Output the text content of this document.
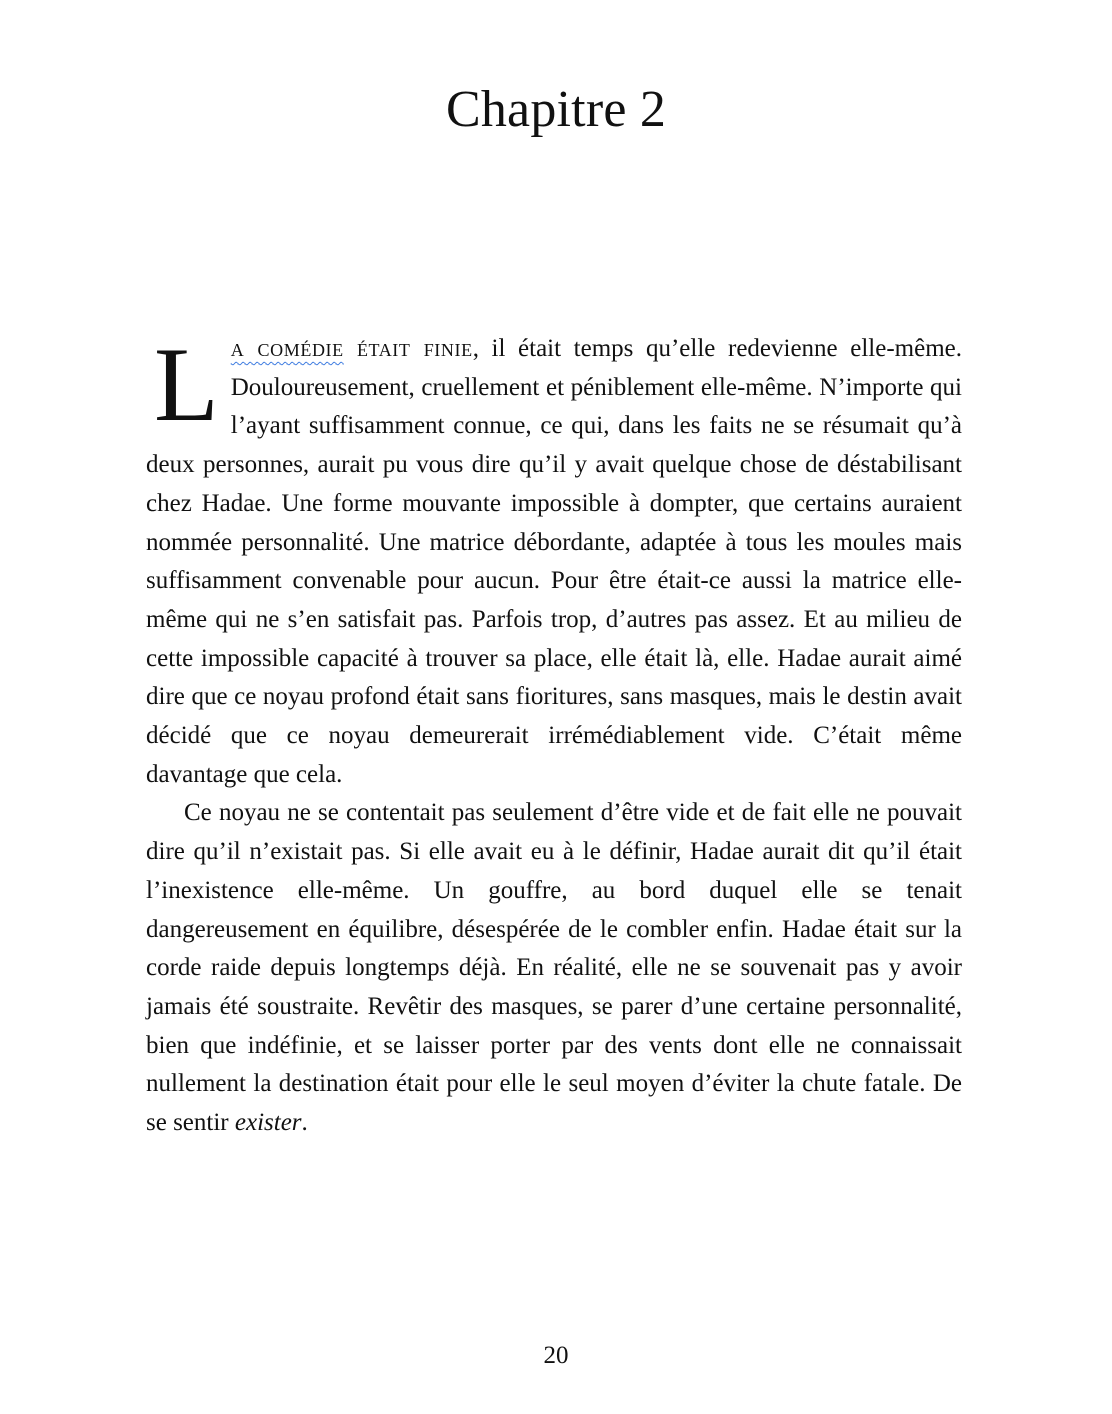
Chapitre 2

La comédie était finie, il était temps qu’elle redevienne elle-même. Douloureusement, cruellement et péniblement elle-même. N’importe qui l’ayant suffisamment connue, ce qui, dans les faits ne se résumait qu’à deux personnes, aurait pu vous dire qu’il y avait quelque chose de déstabilisant chez Hadae. Une forme mouvante impossible à dompter, que certains auraient nommée personnalité. Une matrice débordante, adaptée à tous les moules mais suffisamment convenable pour aucun. Pour être était-ce aussi la matrice elle-même qui ne s’en satisfait pas. Parfois trop, d’autres pas assez. Et au milieu de cette impossible capacité à trouver sa place, elle était là, elle. Hadae aurait aimé dire que ce noyau profond était sans fioritures, sans masques, mais le destin avait décidé que ce noyau demeurerait irrémédiablement vide. C’était même davantage que cela.

Ce noyau ne se contentait pas seulement d’être vide et de fait elle ne pouvait dire qu’il n’existait pas. Si elle avait eu à le définir, Hadae aurait dit qu’il était l’inexistence elle-même. Un gouffre, au bord duquel elle se tenait dangereusement en équilibre, désespérée de le combler enfin. Hadae était sur la corde raide depuis longtemps déjà. En réalité, elle ne se souvenait pas y avoir jamais été soustraite. Revêtir des masques, se parer d’une certaine personnalité, bien que indéfinie, et se laisser porter par des vents dont elle ne connaissait nullement la destination était pour elle le seul moyen d’éviter la chute fatale. De se sentir exister.

20
